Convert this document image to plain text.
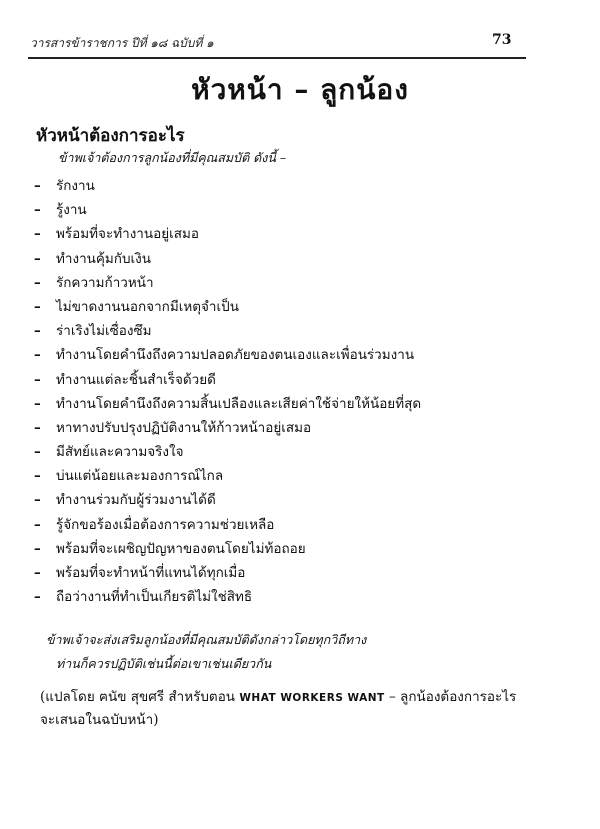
วารสารข้าราชการ ปีที่ ๑๘ ฉบับที่ ๑	73
หัวหน้า – ลูกน้อง
หัวหน้าต้องการอะไร
ข้าพเจ้าต้องการลูกน้องที่มีคุณสมบัติ ดังนี้ –
– รักงาน
– รู้งาน
– พร้อมที่จะทำงานอยู่เสมอ
– ทำงานคุ้มกับเงิน
– รักความก้าวหน้า
– ไม่ขาดงานนอกจากมีเหตุจำเป็น
– ร่าเริงไม่เซื่องซึม
– ทำงานโดยคำนึงถึงความปลอดภัยของตนเองและเพื่อนร่วมงาน
– ทำงานแต่ละชิ้นสำเร็จด้วยดี
– ทำงานโดยคำนึงถึงความสิ้นเปลืองและเสียค่าใช้จ่ายให้น้อยที่สุด
– หาทางปรับปรุงปฏิบัติงานให้ก้าวหน้าอยู่เสมอ
– มีสัทย์และความจริงใจ
– บ่นแต่น้อยและมองการณ์ไกล
– ทำงานร่วมกับผู้ร่วมงานได้ดี
– รู้จักขอร้องเมื่อต้องการความช่วยเหลือ
– พร้อมที่จะเผชิญปัญหาของตนโดยไม่ท้อถอย
– พร้อมที่จะทำหน้าที่แทนได้ทุกเมื่อ
– ถือว่างานที่ทำเป็นเกียรติไม่ใช่สิทธิ
ข้าพเจ้าจะส่งเสริมลูกน้องที่มีคุณสมบัติดังกล่าวโดยทุกวิถีทาง
ท่านก็ควรปฏิบัติเช่นนี้ต่อเขาเช่นเดียวกัน
(แปลโดย ฅนัข สุขศรี สำหรับตอน WHAT WORKERS WANT – ลูกน้องต้องการอะไร
จะเสนอในฉบับหน้า)
